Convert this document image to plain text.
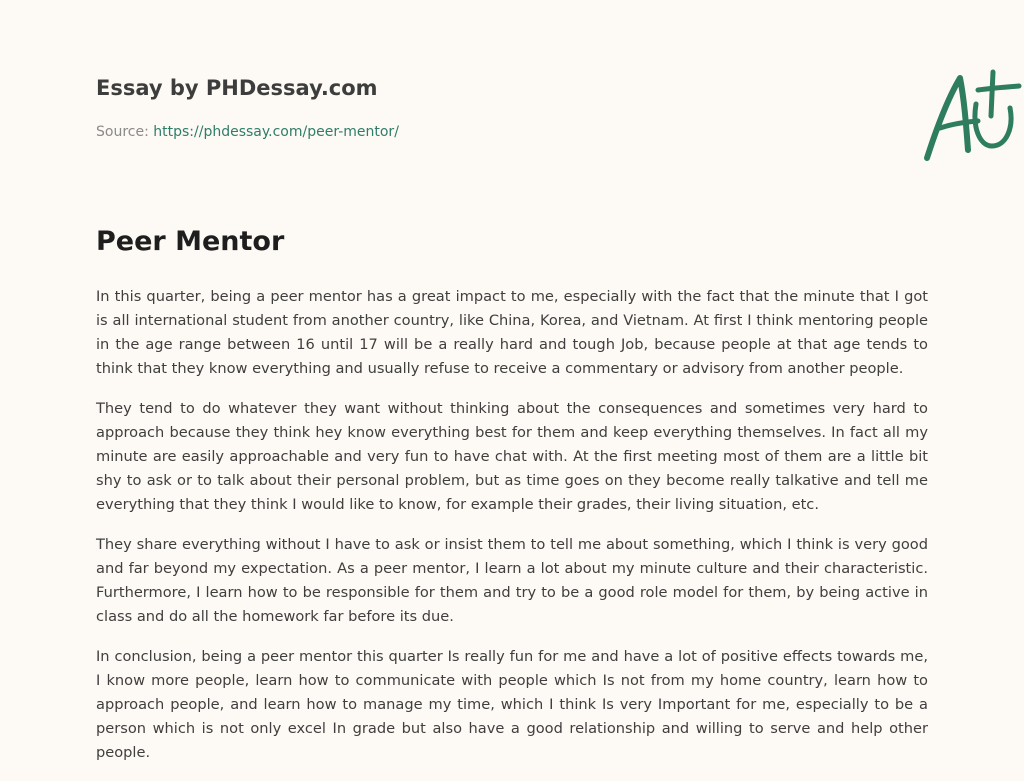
Essay by PHDessay.com
Source: https://phdessay.com/peer-mentor/
Peer Mentor

In this quarter, being a peer mentor has a great impact to me, especially with the fact that the minute that I got is all international student from another country, like China, Korea, and Vietnam. At first I think mentoring people in the age range between 16 until 17 will be a really hard and tough Job, because people at that age tends to think that they know everything and usually refuse to receive a commentary or advisory from another people.

They tend to do whatever they want without thinking about the consequences and sometimes very hard to approach because they think hey know everything best for them and keep everything themselves. In fact all my minute are easily approachable and very fun to have chat with. At the first meeting most of them are a little bit shy to ask or to talk about their personal problem, but as time goes on they become really talkative and tell me everything that they think I would like to know, for example their grades, their living situation, etc.

They share everything without I have to ask or insist them to tell me about something, which I think is very good and far beyond my expectation. As a peer mentor, I learn a lot about my minute culture and their characteristic. Furthermore, I learn how to be responsible for them and try to be a good role model for them, by being active in class and do all the homework far before its due.

In conclusion, being a peer mentor this quarter Is really fun for me and have a lot of positive effects towards me, I know more people, learn how to communicate with people which Is not from my home country, learn how to approach people, and learn how to manage my time, which I think Is very Important for me, especially to be a person which is not only excel In grade but also have a good relationship and willing to serve and help other people.
